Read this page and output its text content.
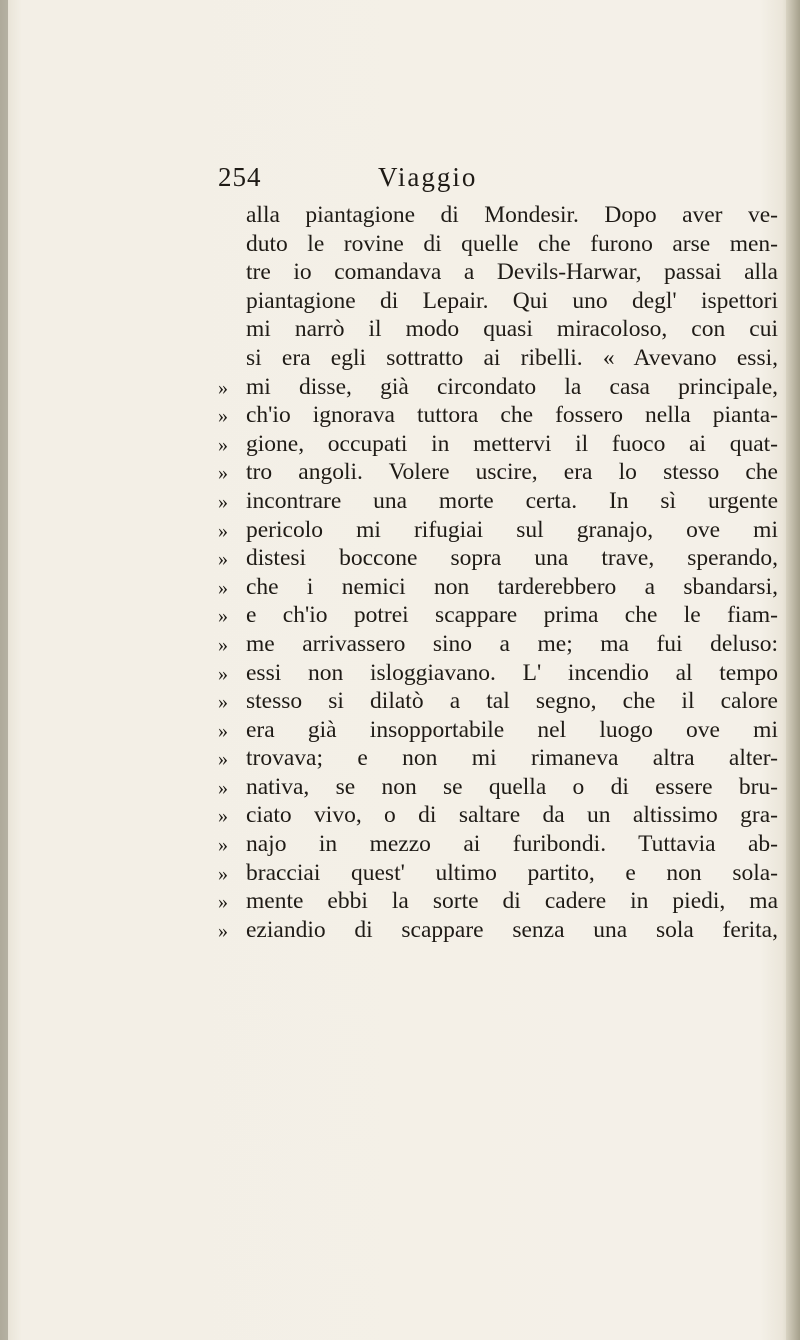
254	Viaggio
alla piantagione di Mondesir. Dopo aver ve-
duto le rovine di quelle che furono arse men-
tre io comandava a Devils-Harwar, passai alla
piantagione di Lepair. Qui uno degl' ispettori
mi narrò il modo quasi miracoloso, con cui
si era egli sottratto ai ribelli. « Avevano essi,
» mi disse, già circondato la casa principale,
» ch'io ignorava tuttora che fossero nella pianta-
» gione, occupati in mettervi il fuoco ai quat-
» tro angoli. Volere uscire, era lo stesso che
» incontrare una morte certa. In sì urgente
» pericolo mi rifugiai sul granajo, ove mi
» distesi boccone sopra una trave, sperando,
» che i nemici non tarderebbero a sbandarsi,
» e ch'io potrei scappare prima che le fiam-
» me arrivassero sino a me; ma fui deluso:
» essi non isloggiavano. L' incendio al tempo
» stesso si dilatò a tal segno, che il calore
» era già insopportabile nel luogo ove mi
» trovava; e non mi rimaneva altra alter-
» nativa, se non se quella o di essere bru-
» ciato vivo, o di saltare da un altissimo gra-
» najo in mezzo ai furibondi. Tuttavia ab-
» bracciai quest' ultimo partito, e non sola-
» mente ebbi la sorte di cadere in piedi, ma
» eziandio di scappare senza una sola ferita,
